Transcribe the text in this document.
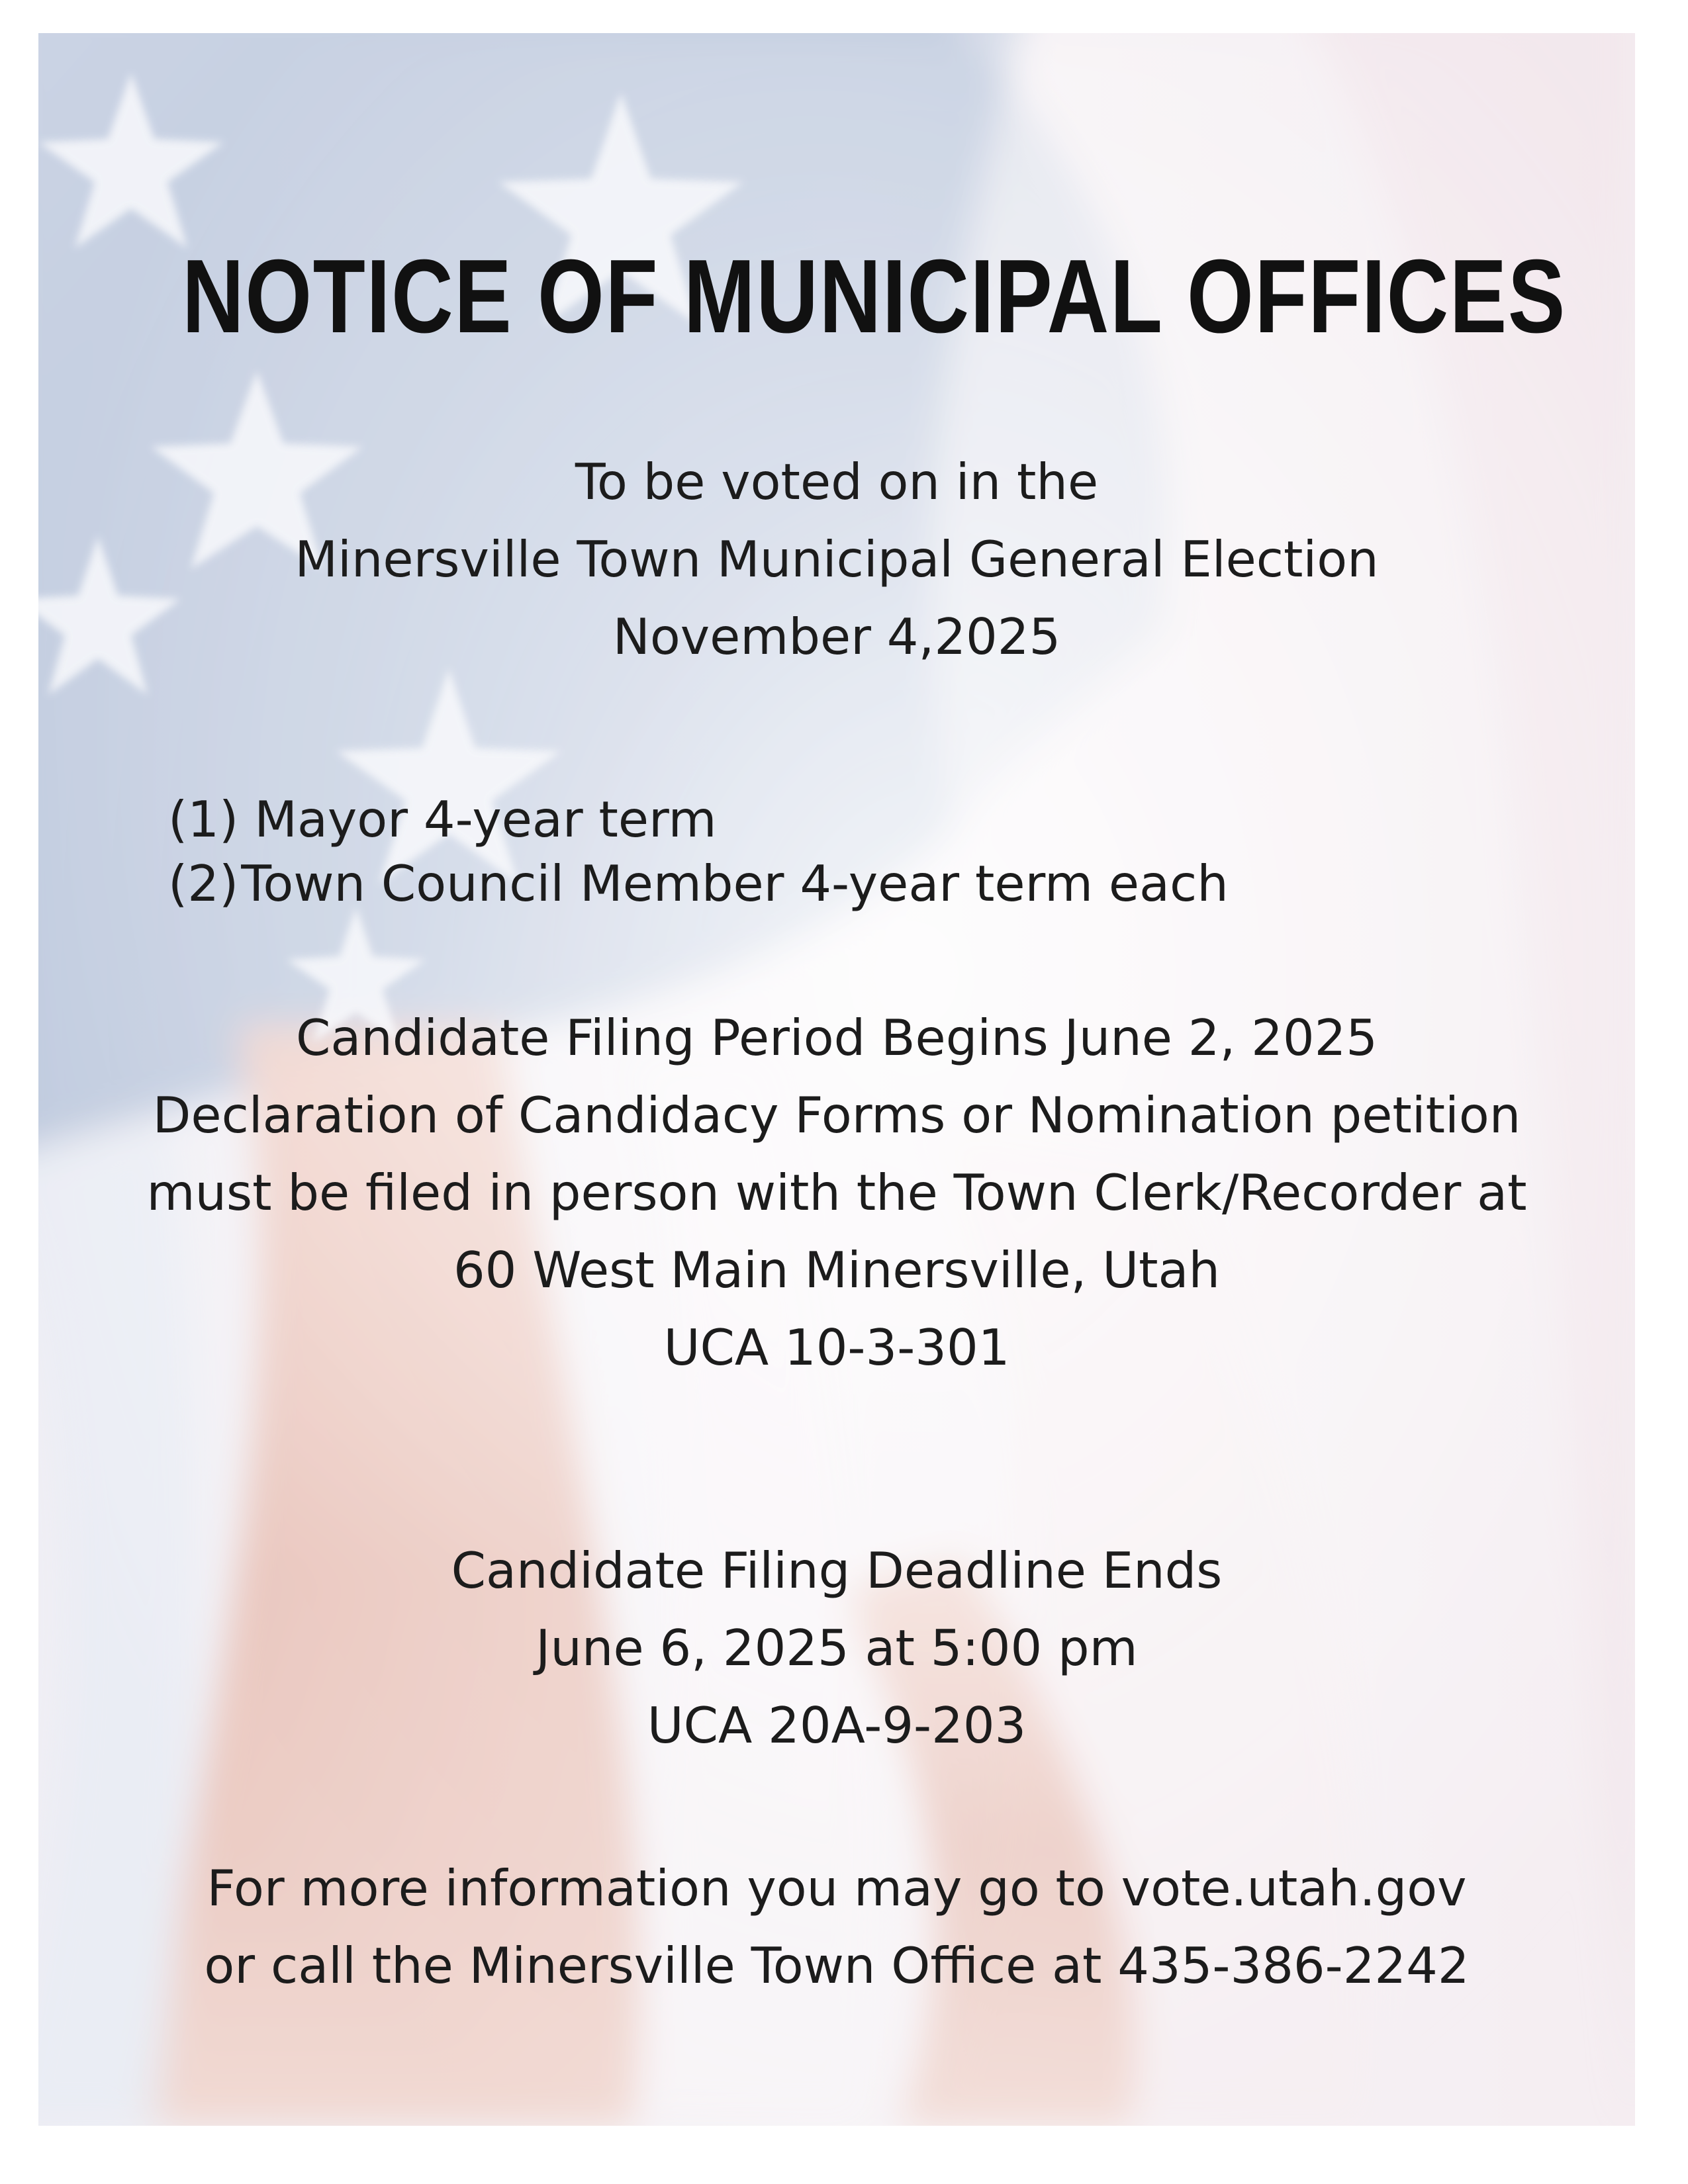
NOTICE OF MUNICIPAL OFFICES
To be voted on in the
Minersville Town Municipal General Election
November 4,2025
(1) Mayor 4-year term
(2)Town Council Member 4-year term each
Candidate Filing Period Begins June 2, 2025
Declaration of Candidacy Forms or Nomination petition
must be filed in person with the Town Clerk/Recorder at
60 West Main Minersville, Utah
UCA 10-3-301
Candidate Filing Deadline Ends
June 6, 2025 at 5:00 pm
UCA 20A-9-203
For more information you may go to vote.utah.gov
or call the Minersville Town Office at 435-386-2242
